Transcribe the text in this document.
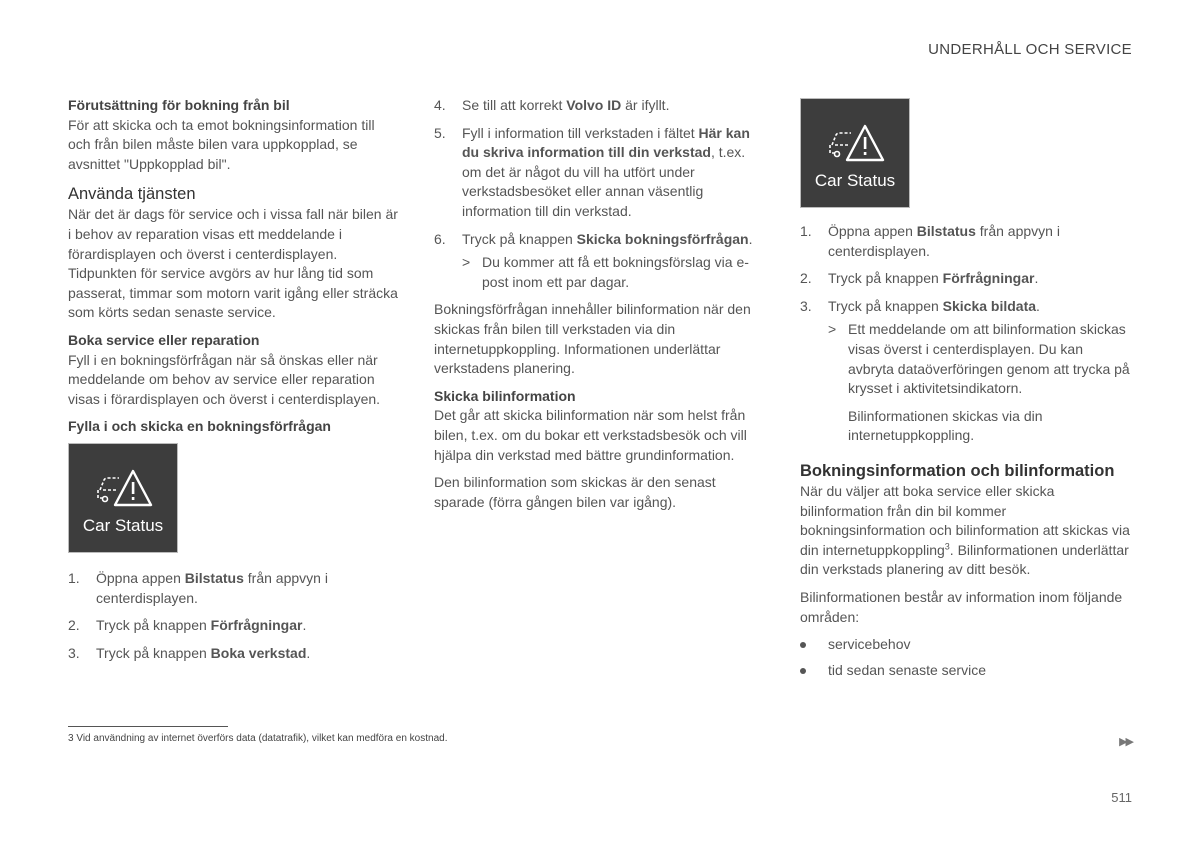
UNDERHÅLL OCH SERVICE

Förutsättning för bokning från bil

För att skicka och ta emot bokningsinformation till och från bilen måste bilen vara uppkopplad, se avsnittet "Uppkopplad bil".

Använda tjänsten

När det är dags för service och i vissa fall när bilen är i behov av reparation visas ett meddelande i förardisplayen och överst i centerdisplayen. Tidpunkten för service avgörs av hur lång tid som passerat, timmar som motorn varit igång eller sträcka som körts sedan senaste service.

Boka service eller reparation

Fyll i en bokningsförfrågan när så önskas eller när meddelande om behov av service eller reparation visas i förardisplayen och överst i centerdisplayen.

Fylla i och skicka en bokningsförfrågan

Car Status
1. Öppna appen Bilstatus från appvyn i centerdisplayen.
2. Tryck på knappen Förfrågningar.
3. Tryck på knappen Boka verkstad.
4. Se till att korrekt Volvo ID är ifyllt.
5. Fyll i information till verkstaden i fältet Här kan du skriva information till din verkstad, t.ex. om det är något du vill ha utfört under verkstadsbesöket eller annan väsentlig information till din verkstad.
6. Tryck på knappen Skicka bokningsförfrågan.
> Du kommer att få ett bokningsförslag via e-post inom ett par dagar.

Bokningsförfrågan innehåller bilinformation när den skickas från bilen till verkstaden via din internetuppkoppling. Informationen underlättar verkstadens planering.

Skicka bilinformation

Det går att skicka bilinformation när som helst från bilen, t.ex. om du bokar ett verkstadsbesök och vill hjälpa din verkstad med bättre grundinformation.

Den bilinformation som skickas är den senast sparade (förra gången bilen var igång).

Car Status
1. Öppna appen Bilstatus från appvyn i centerdisplayen.
2. Tryck på knappen Förfrågningar.
3. Tryck på knappen Skicka bildata.
> Ett meddelande om att bilinformation skickas visas överst i centerdisplayen. Du kan avbryta dataöverföringen genom att trycka på krysset i aktivitetsindikatorn.
Bilinformationen skickas via din internetuppkoppling.

Bokningsinformation och bilinformation

När du väljer att boka service eller skicka bilinformation från din bil kommer bokningsinformation och bilinformation att skickas via din internetuppkoppling$^3$. Bilinformationen underlättar din verkstads planering av ditt besök.

Bilinformationen består av information inom följande områden:

servicebehov
tid sedan senaste service
3 Vid användning av internet överförs data (datatrafik), vilket kan medföra en kostnad.	▶▶
511
